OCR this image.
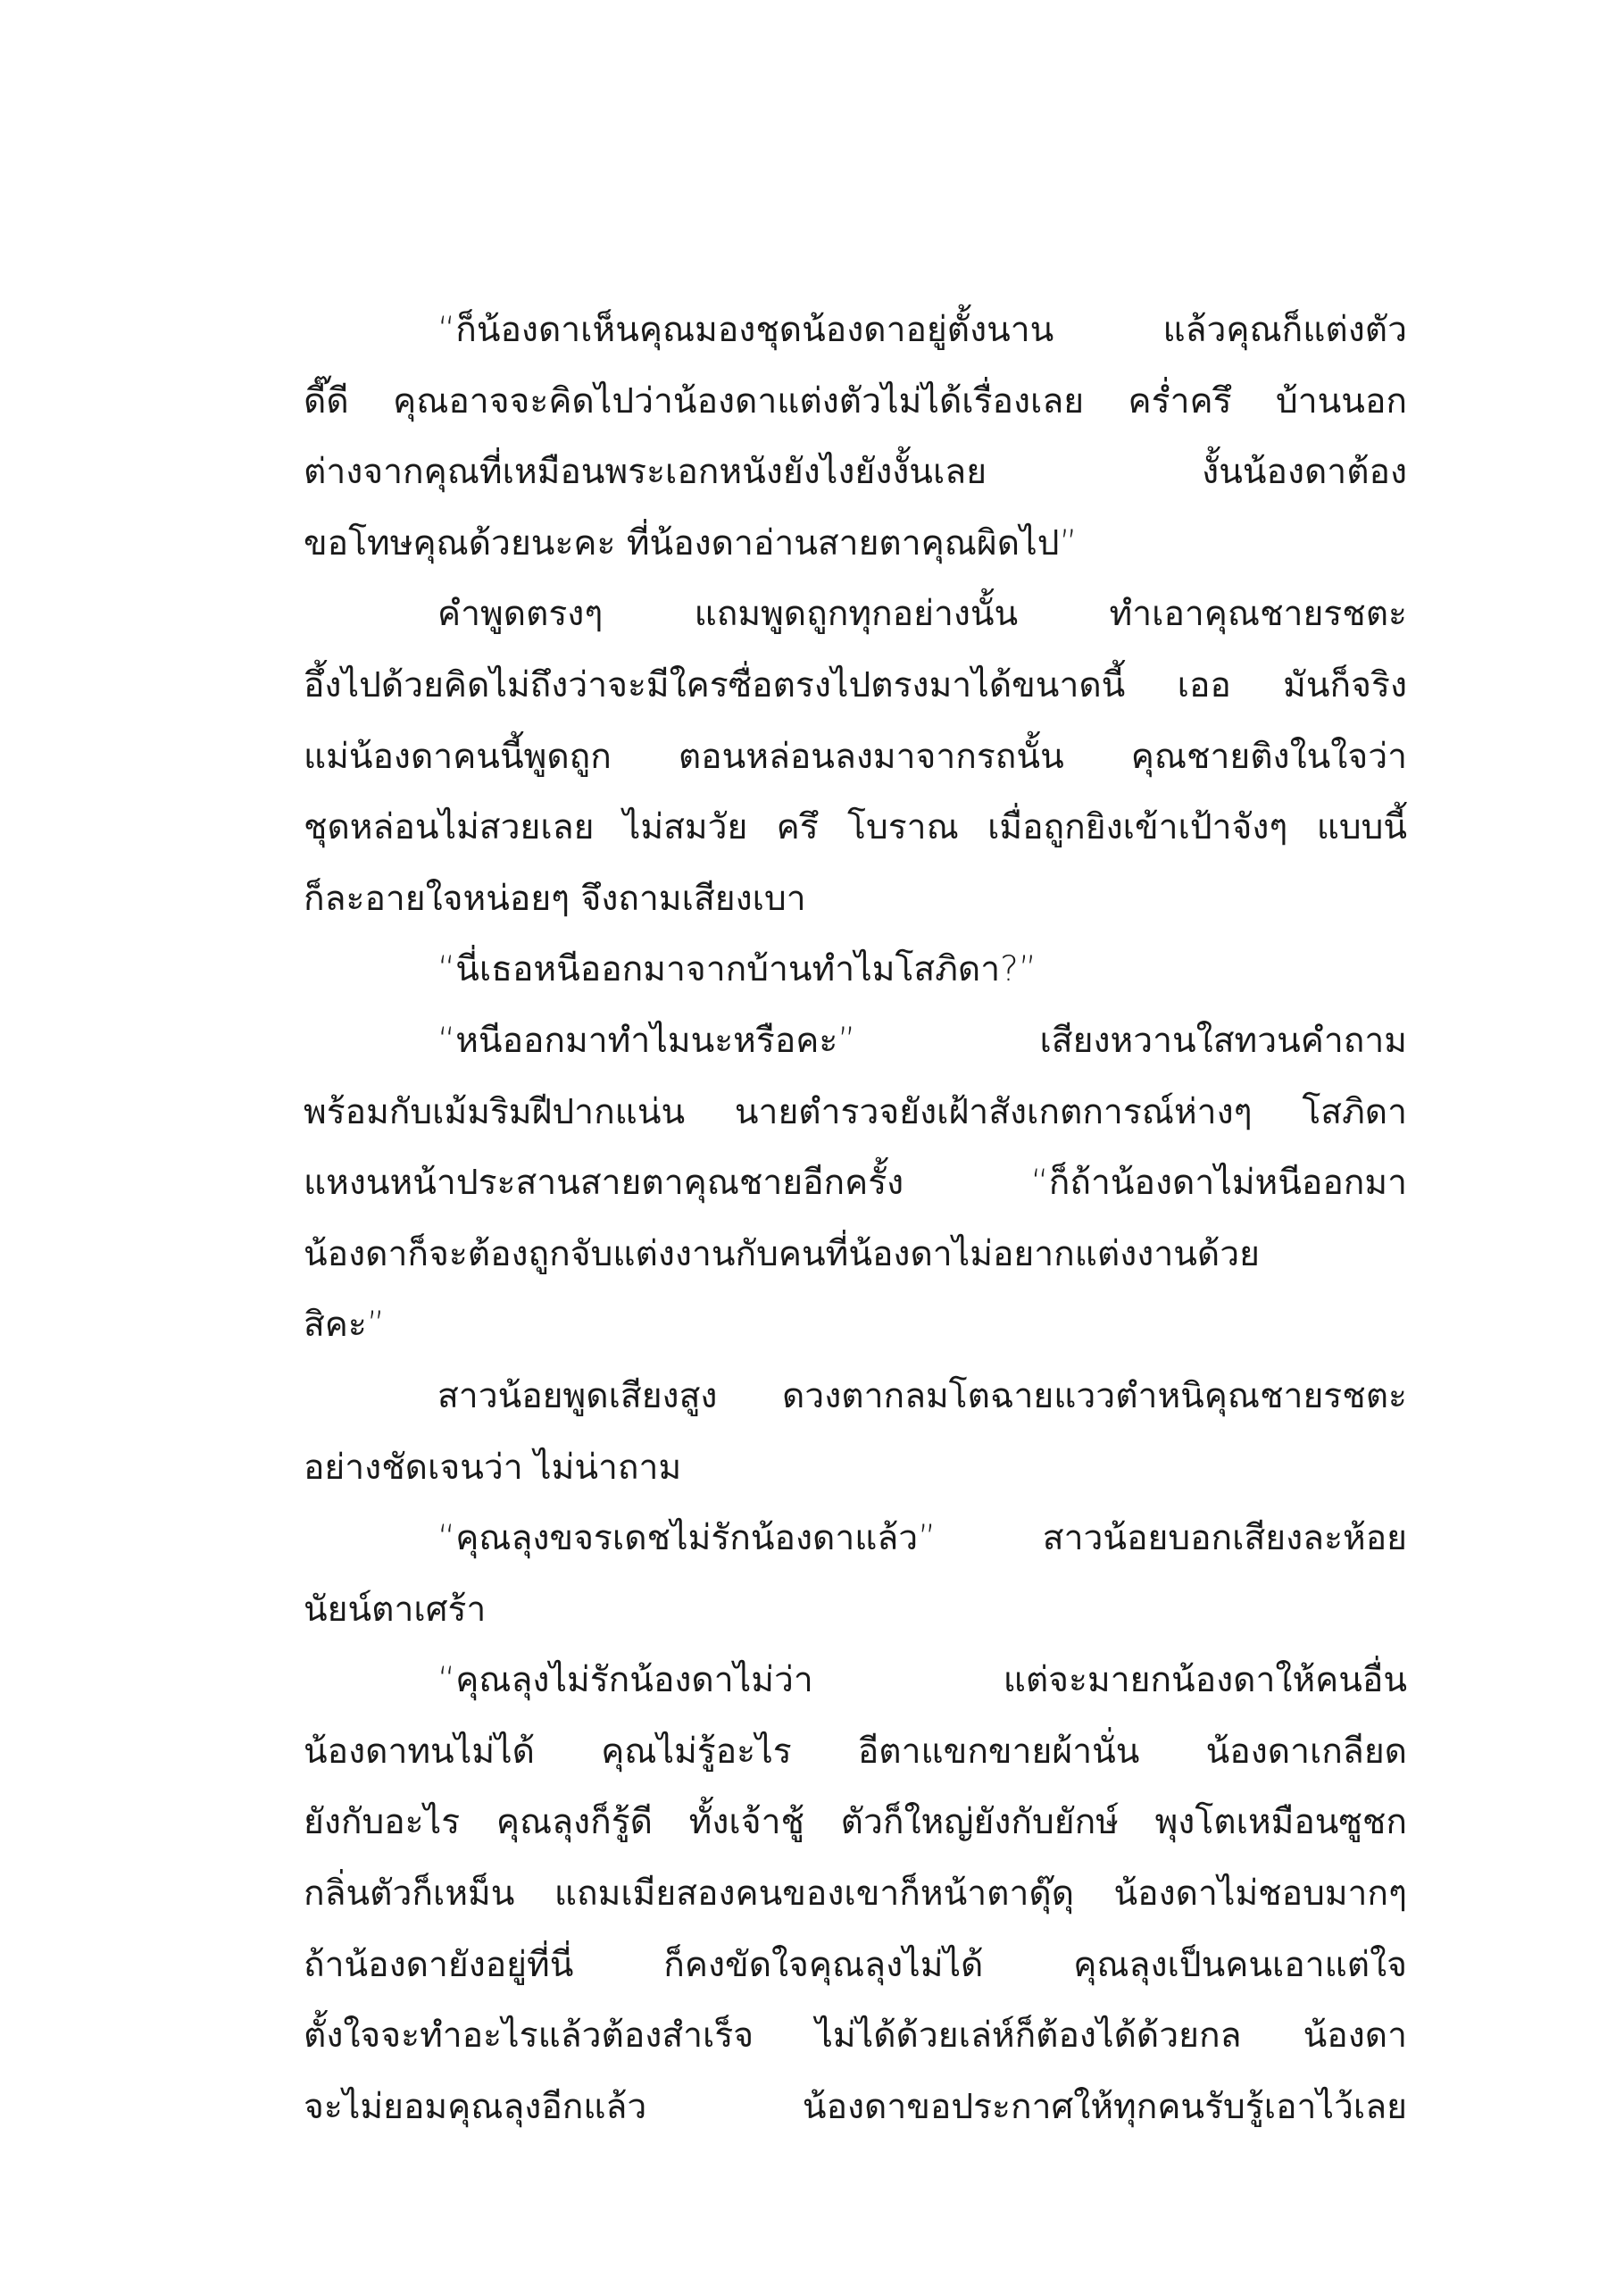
“ก็น้องดาเห็นคุณมองชุดน้องดาอยู่ตั้งนาน แล้วคุณก็แต่งตัว
ดี๊ดี คุณอาจจะคิดไปว่าน้องดาแต่งตัวไม่ได้เรื่องเลย คร่ำครึ บ้านนอก
ต่างจากคุณที่เหมือนพระเอกหนังยังไงยังงั้นเลย งั้นน้องดาต้อง
ขอโทษคุณด้วยนะคะ ที่น้องดาอ่านสายตาคุณผิดไป”
คำพูดตรงๆ แถมพูดถูกทุกอย่างนั้น ทำเอาคุณชายรชตะ
อึ้งไปด้วยคิดไม่ถึงว่าจะมีใครซื่อตรงไปตรงมาได้ขนาดนี้ เออ มันก็จริง
แม่น้องดาคนนี้พูดถูก ตอนหล่อนลงมาจากรถนั้น คุณชายติงในใจว่า
ชุดหล่อนไม่สวยเลย ไม่สมวัย ครึ โบราณ เมื่อถูกยิงเข้าเป้าจังๆ แบบนี้
ก็ละอายใจหน่อยๆ จึงถามเสียงเบา
“นี่เธอหนีออกมาจากบ้านทำไมโสภิดา?”
“หนีออกมาทำไมนะหรือคะ” เสียงหวานใสทวนคำถาม
พร้อมกับเม้มริมฝีปากแน่น นายตำรวจยังเฝ้าสังเกตการณ์ห่างๆ โสภิดา
แหงนหน้าประสานสายตาคุณชายอีกครั้ง “ก็ถ้าน้องดาไม่หนีออกมา
น้องดาก็จะต้องถูกจับแต่งงานกับคนที่น้องดาไม่อยากแต่งงานด้วย
สิคะ”
สาวน้อยพูดเสียงสูง ดวงตากลมโตฉายแววตำหนิคุณชายรชตะ
อย่างชัดเจนว่า ไม่น่าถาม
“คุณลุงขจรเดชไม่รักน้องดาแล้ว” สาวน้อยบอกเสียงละห้อย
นัยน์ตาเศร้า
“คุณลุงไม่รักน้องดาไม่ว่า แต่จะมายกน้องดาให้คนอื่น
น้องดาทนไม่ได้ คุณไม่รู้อะไร อีตาแขกขายผ้านั่น น้องดาเกลียด
ยังกับอะไร คุณลุงก็รู้ดี ทั้งเจ้าชู้ ตัวก็ใหญ่ยังกับยักษ์ พุงโตเหมือนซูชก
กลิ่นตัวก็เหม็น แถมเมียสองคนของเขาก็หน้าตาดุ๊ดุ น้องดาไม่ชอบมากๆ
ถ้าน้องดายังอยู่ที่นี่ ก็คงขัดใจคุณลุงไม่ได้ คุณลุงเป็นคนเอาแต่ใจ
ตั้งใจจะทำอะไรแล้วต้องสำเร็จ ไม่ได้ด้วยเล่ห์ก็ต้องได้ด้วยกล น้องดา
จะไม่ยอมคุณลุงอีกแล้ว น้องดาขอประกาศให้ทุกคนรับรู้เอาไว้เลย
